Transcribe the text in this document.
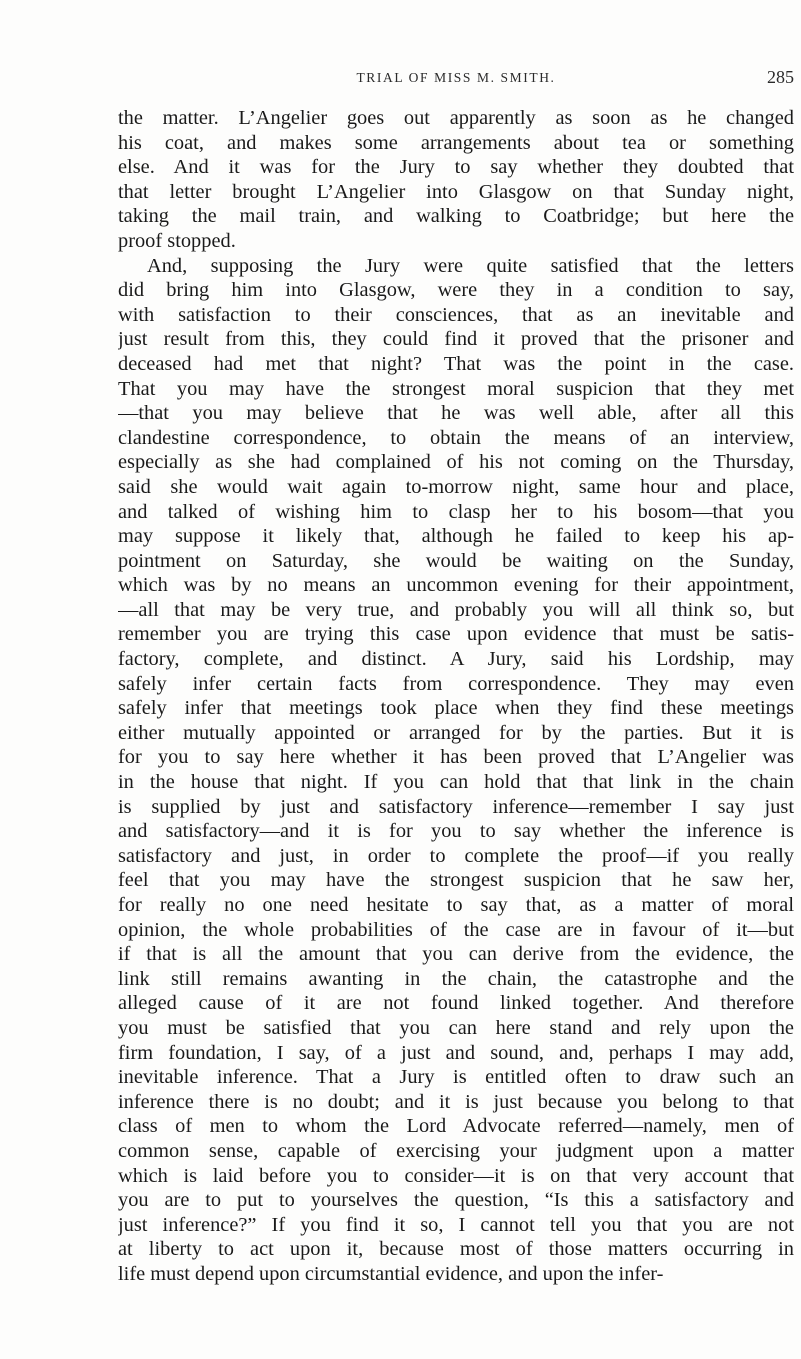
TRIAL OF MISS M. SMITH.	285
the matter. L’Angelier goes out apparently as soon as he changed
his coat, and makes some arrangements about tea or something
else. And it was for the Jury to say whether they doubted that
that letter brought L’Angelier into Glasgow on that Sunday night,
taking the mail train, and walking to Coatbridge; but here the
proof stopped.
And, supposing the Jury were quite satisfied that the letters
did bring him into Glasgow, were they in a condition to say,
with satisfaction to their consciences, that as an inevitable and
just result from this, they could find it proved that the prisoner and
deceased had met that night? That was the point in the case.
That you may have the strongest moral suspicion that they met
—that you may believe that he was well able, after all this
clandestine correspondence, to obtain the means of an interview,
especially as she had complained of his not coming on the Thursday,
said she would wait again to-morrow night, same hour and place,
and talked of wishing him to clasp her to his bosom—that you
may suppose it likely that, although he failed to keep his ap-
pointment on Saturday, she would be waiting on the Sunday,
which was by no means an uncommon evening for their appointment,
—all that may be very true, and probably you will all think so, but
remember you are trying this case upon evidence that must be satis-
factory, complete, and distinct. A Jury, said his Lordship, may
safely infer certain facts from correspondence. They may even
safely infer that meetings took place when they find these meetings
either mutually appointed or arranged for by the parties. But it is
for you to say here whether it has been proved that L’Angelier was
in the house that night. If you can hold that that link in the chain
is supplied by just and satisfactory inference—remember I say just
and satisfactory—and it is for you to say whether the inference is
satisfactory and just, in order to complete the proof—if you really
feel that you may have the strongest suspicion that he saw her,
for really no one need hesitate to say that, as a matter of moral
opinion, the whole probabilities of the case are in favour of it—but
if that is all the amount that you can derive from the evidence, the
link still remains awanting in the chain, the catastrophe and the
alleged cause of it are not found linked together. And therefore
you must be satisfied that you can here stand and rely upon the
firm foundation, I say, of a just and sound, and, perhaps I may add,
inevitable inference. That a Jury is entitled often to draw such an
inference there is no doubt; and it is just because you belong to that
class of men to whom the Lord Advocate referred—namely, men of
common sense, capable of exercising your judgment upon a matter
which is laid before you to consider—it is on that very account that
you are to put to yourselves the question, “Is this a satisfactory and
just inference?” If you find it so, I cannot tell you that you are not
at liberty to act upon it, because most of those matters occurring in
life must depend upon circumstantial evidence, and upon the infer-
